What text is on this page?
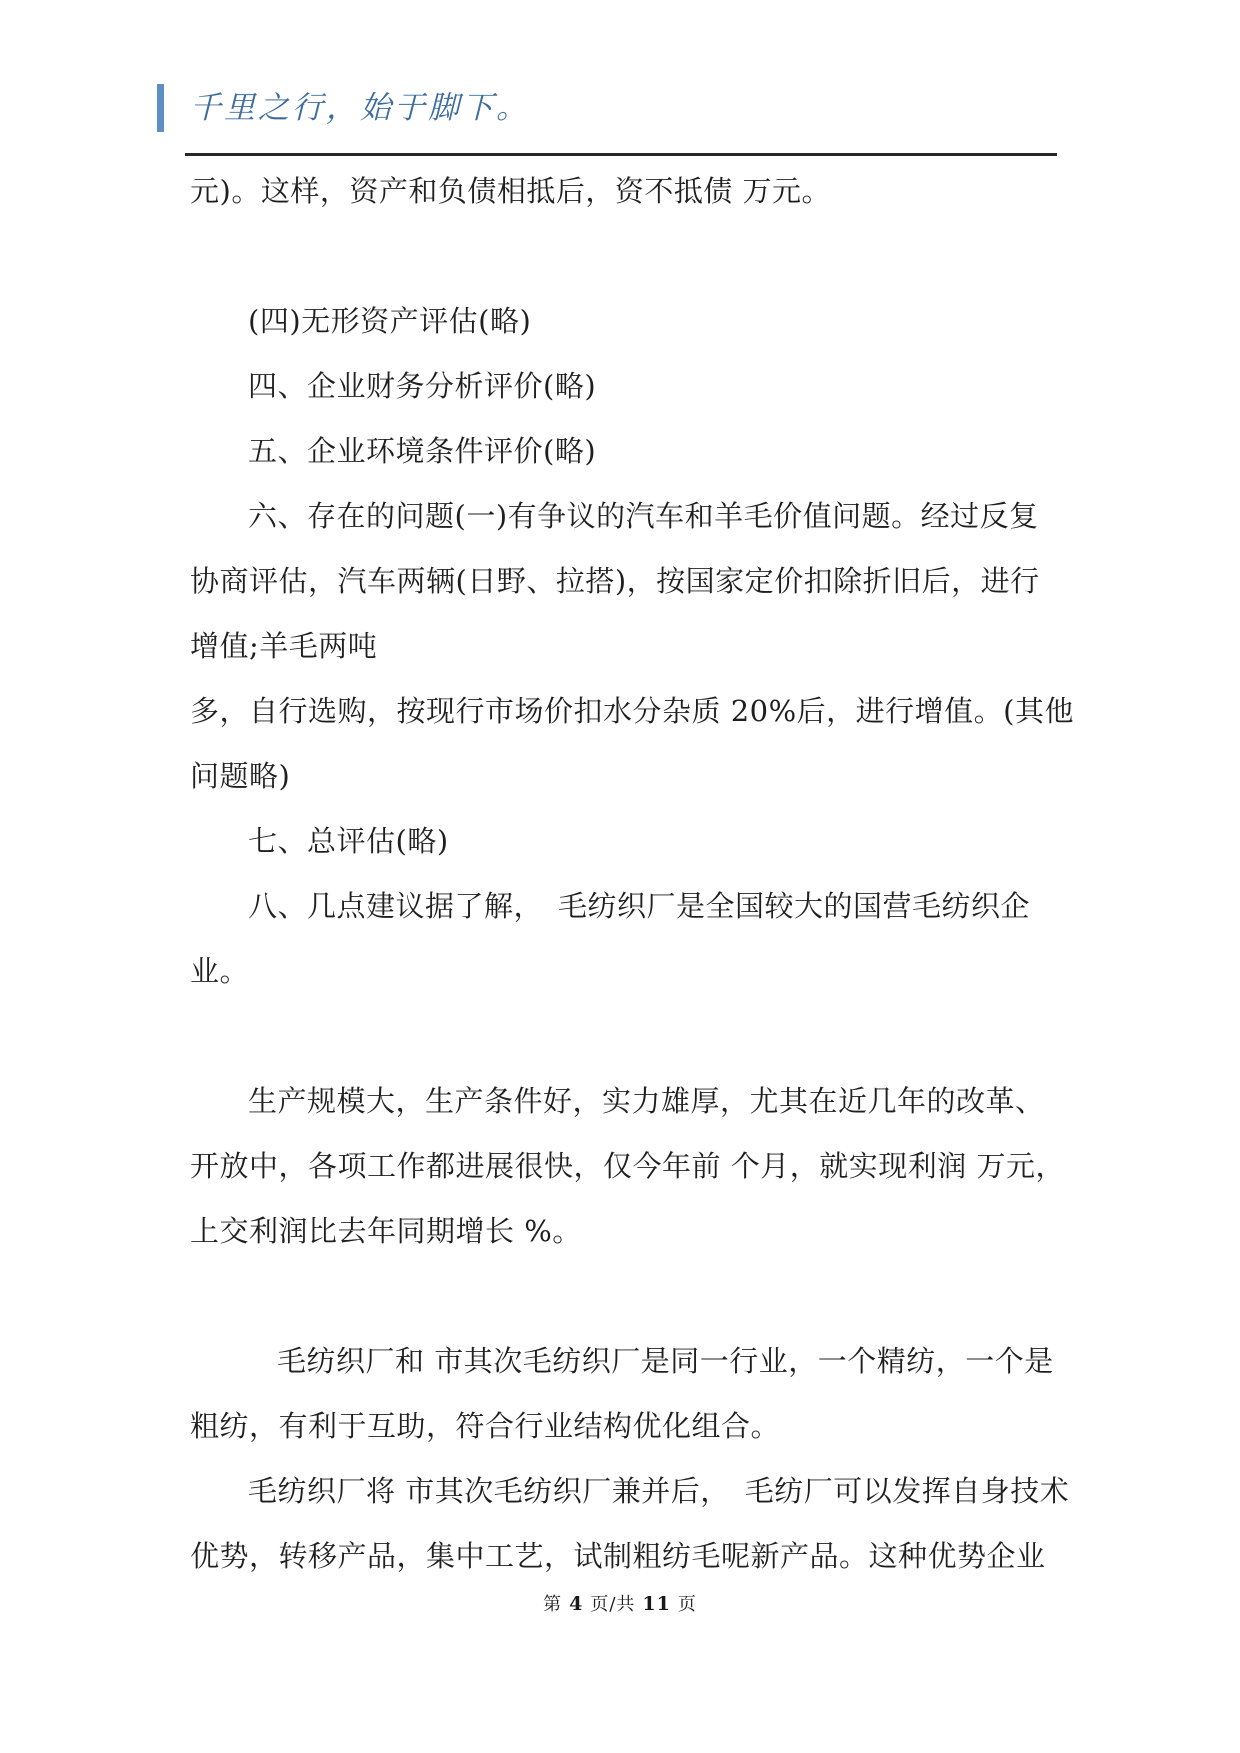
千里之行，始于脚下。
元)。这样，资产和负债相抵后，资不抵债 万元。
(四)无形资产评估(略)
四、企业财务分析评价(略)
五、企业环境条件评价(略)
六、存在的问题(一)有争议的汽车和羊毛价值问题。经过反复
协商评估，汽车两辆(日野、拉搭)，按国家定价扣除折旧后，进行
增值;羊毛两吨
多，自行选购，按现行市场价扣水分杂质 20%后，进行增值。(其他
问题略)
七、总评估(略)
八、几点建议据了解，　毛纺织厂是全国较大的国营毛纺织企
业。
生产规模大，生产条件好，实力雄厚，尤其在近几年的改革、
开放中，各项工作都进展很快，仅今年前 个月，就实现利润 万元，
上交利润比去年同期增长 %。
毛纺织厂和 市其次毛纺织厂是同一行业，一个精纺，一个是
粗纺，有利于互助，符合行业结构优化组合。
毛纺织厂将 市其次毛纺织厂兼并后，　毛纺厂可以发挥自身技术
优势，转移产品，集中工艺，试制粗纺毛呢新产品。这种优势企业
第 4 页/共 11 页
